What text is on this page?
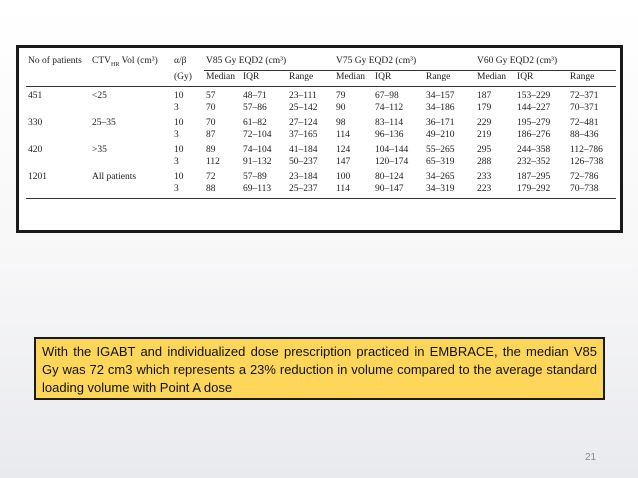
No of patients	$CTV_{HR}$ Vol (cm³)	α/β	V85 Gy EQD2 (cm³)			V75 Gy EQD2 (cm³)			V60 Gy EQD2 (cm³)		
		(Gy)	Median	IQR	Range	Median	IQR	Range	Median	IQR	Range
451	<25	10	57	48–71	23–111	79	67–98	34–157	187	153–229	72–371
		3	70	57–86	25–142	90	74–112	34–186	179	144–227	70–371
330	25–35	10	70	61–82	27–124	98	83–114	36–171	229	195–279	72–481
		3	87	72–104	37–165	114	96–136	49–210	219	186–276	88–436
420	>35	10	89	74–104	41–184	124	104–144	55–265	295	244–358	112–786
		3	112	91–132	50–237	147	120–174	65–319	288	232–352	126–738
1201	All patients	10	72	57–89	23–184	100	80–124	34–265	233	187–295	72–786
		3	88	69–113	25–237	114	90–147	34–319	223	179–292	70–738
With the IGABT and individualized dose prescription practiced in EMBRACE, the median V85 Gy was 72 cm3 which represents a 23% reduction in volume compared to the average standard loading volume with Point A dose
21
